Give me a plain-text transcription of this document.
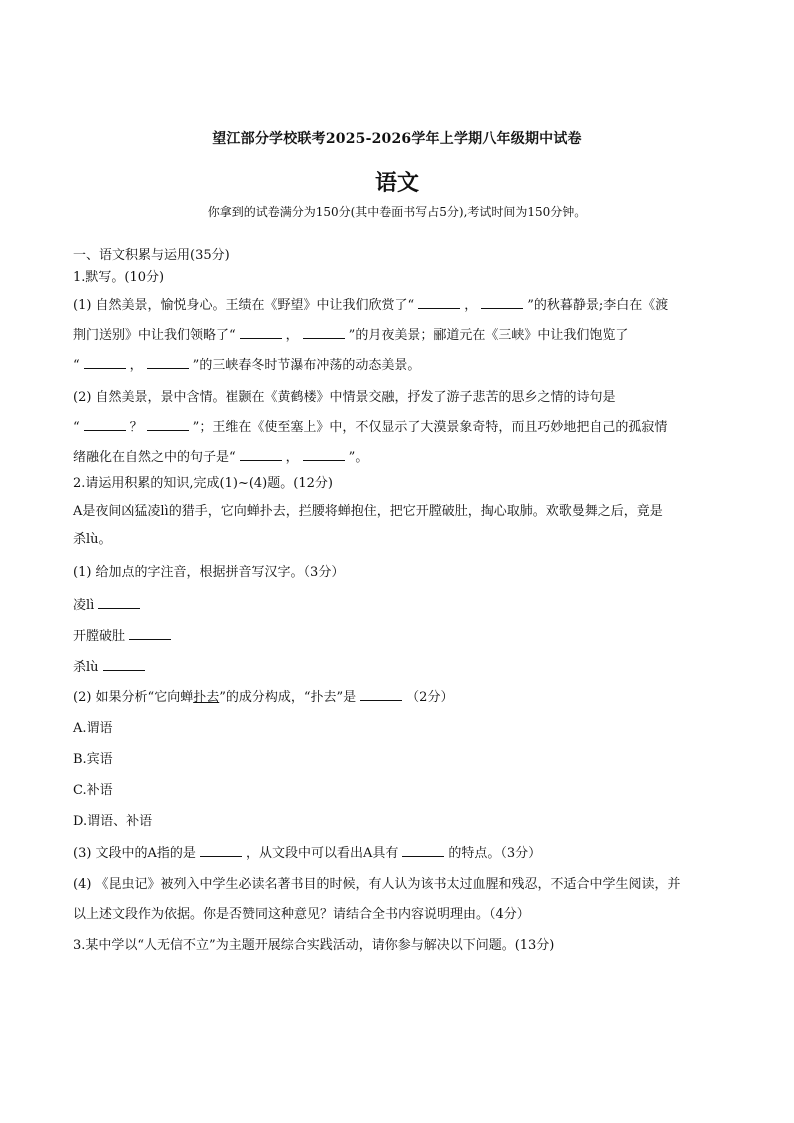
望江部分学校联考2025-2026学年上学期八年级期中试卷
语文
你拿到的试卷满分为150分(其中卷面书写占5分),考试时间为150分钟。
一、语文积累与运用(35分)
1.默写。(10分)
(1) 自然美景，愉悦身心。王绩在《野望》中让我们欣赏了“	，	”的秋暮静景;李白在《渡
荆门送别》中让我们领略了“	，	”的月夜美景；郦道元在《三峡》中让我们饱览了
“	，	”的三峡春冬时节瀑布冲荡的动态美景。
(2) 自然美景，景中含情。崔颢在《黄鹤楼》中情景交融，抒发了游子悲苦的思乡之情的诗句是
“	？	”；王维在《使至塞上》中，不仅显示了大漠景象奇特，而且巧妙地把自己的孤寂情
绪融化在自然之中的句子是“	，	”。
2.请运用积累的知识,完成(1)~(4)题。(12分)
A是夜间凶猛凌lì的猎手，它向蝉扑去，拦腰将蝉抱住，把它开膛破肚，掏心取肺。欢歌曼舞之后，竟是
杀lù。
(1) 给加点的字注音，根据拼音写汉字。（3分）
凌lì
开膛破肚
杀lù
(2) 如果分析“它向蝉扑去”的成分构成，“扑去”是	（2分）
A.谓语
B.宾语
C.补语
D.谓语、补语
(3) 文段中的A指的是	，从文段中可以看出A具有	的特点。（3分）
(4) 《昆虫记》被列入中学生必读名著书目的时候，有人认为该书太过血腥和残忍，不适合中学生阅读，并
以上述文段作为依据。你是否赞同这种意见？请结合全书内容说明理由。（4分）
3.某中学以“人无信不立”为主题开展综合实践活动，请你参与解决以下问题。(13分)
